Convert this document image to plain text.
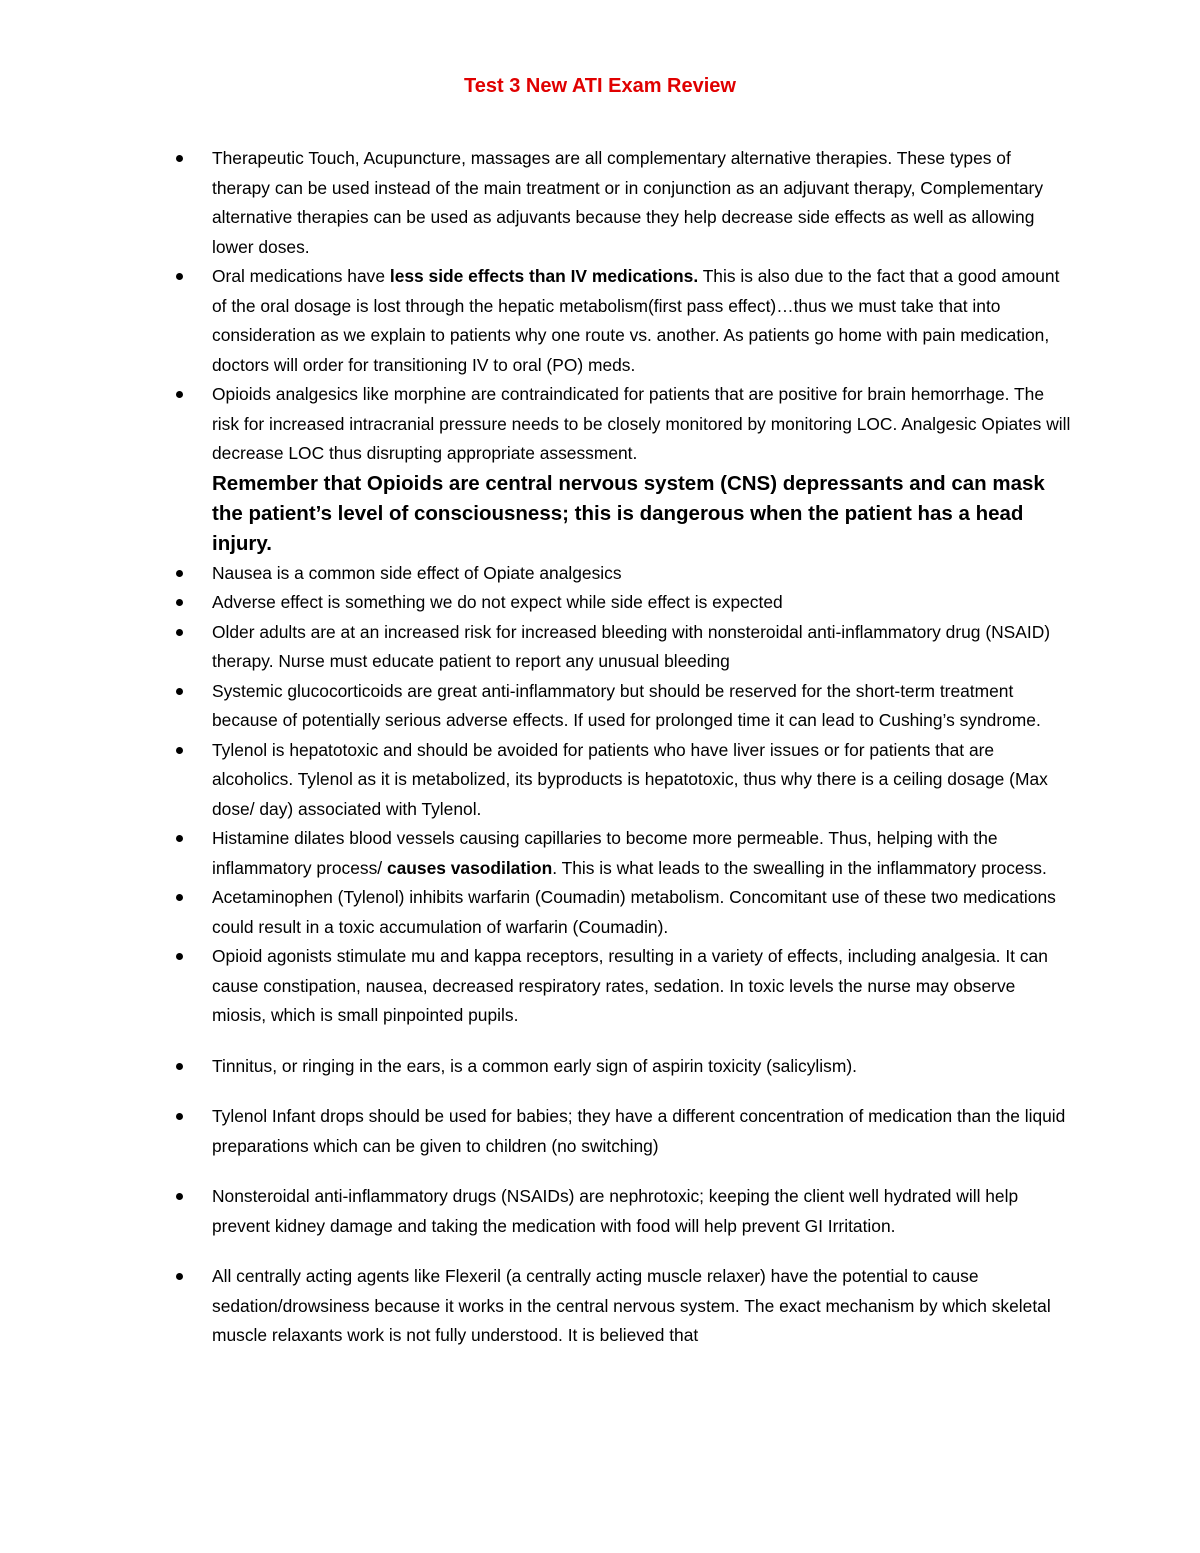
Test 3 New ATI Exam Review
Therapeutic Touch, Acupuncture, massages are all complementary alternative therapies. These types of therapy can be used instead of the main treatment or in conjunction as an adjuvant therapy, Complementary alternative therapies can be used as adjuvants because they help decrease side effects as well as allowing lower doses.
Oral medications have less side effects than IV medications. This is also due to the fact that a good amount of the oral dosage is lost through the hepatic metabolism(first pass effect)…thus we must take that into consideration as we explain to patients why one route vs. another. As patients go home with pain medication, doctors will order for transitioning IV to oral (PO) meds.
Opioids analgesics like morphine are contraindicated for patients that are positive for brain hemorrhage. The risk for increased intracranial pressure needs to be closely monitored by monitoring LOC. Analgesic Opiates will decrease LOC thus disrupting appropriate assessment.
Remember that Opioids are central nervous system (CNS) depressants and can mask the patient’s level of consciousness; this is dangerous when the patient has a head injury.
Nausea is a common side effect of Opiate analgesics
Adverse effect is something we do not expect while side effect is expected
Older adults are at an increased risk for increased bleeding with nonsteroidal anti-inflammatory drug (NSAID) therapy. Nurse must educate patient to report any unusual bleeding
Systemic glucocorticoids are great anti-inflammatory but should be reserved for the short-term treatment because of potentially serious adverse effects. If used for prolonged time it can lead to Cushing’s syndrome.
Tylenol is hepatotoxic and should be avoided for patients who have liver issues or for patients that are alcoholics. Tylenol as it is metabolized, its byproducts is hepatotoxic, thus why there is a ceiling dosage (Max dose/ day) associated with Tylenol.
Histamine dilates blood vessels causing capillaries to become more permeable. Thus, helping with the inflammatory process/ causes vasodilation. This is what leads to the swealling in the inflammatory process.
Acetaminophen (Tylenol) inhibits warfarin (Coumadin) metabolism. Concomitant use of these two medications could result in a toxic accumulation of warfarin (Coumadin).
Opioid agonists stimulate mu and kappa receptors, resulting in a variety of effects, including analgesia. It can cause constipation, nausea, decreased respiratory rates, sedation. In toxic levels the nurse may observe miosis, which is small pinpointed pupils.
Tinnitus, or ringing in the ears, is a common early sign of aspirin toxicity (salicylism).
Tylenol Infant drops should be used for babies; they have a different concentration of medication than the liquid preparations which can be given to children (no switching)
Nonsteroidal anti-inflammatory drugs (NSAIDs) are nephrotoxic; keeping the client well hydrated will help prevent kidney damage and taking the medication with food will help prevent GI Irritation.
All centrally acting agents like Flexeril (a centrally acting muscle relaxer) have the potential to cause sedation/drowsiness because it works in the central nervous system. The exact mechanism by which skeletal muscle relaxants work is not fully understood. It is believed that
